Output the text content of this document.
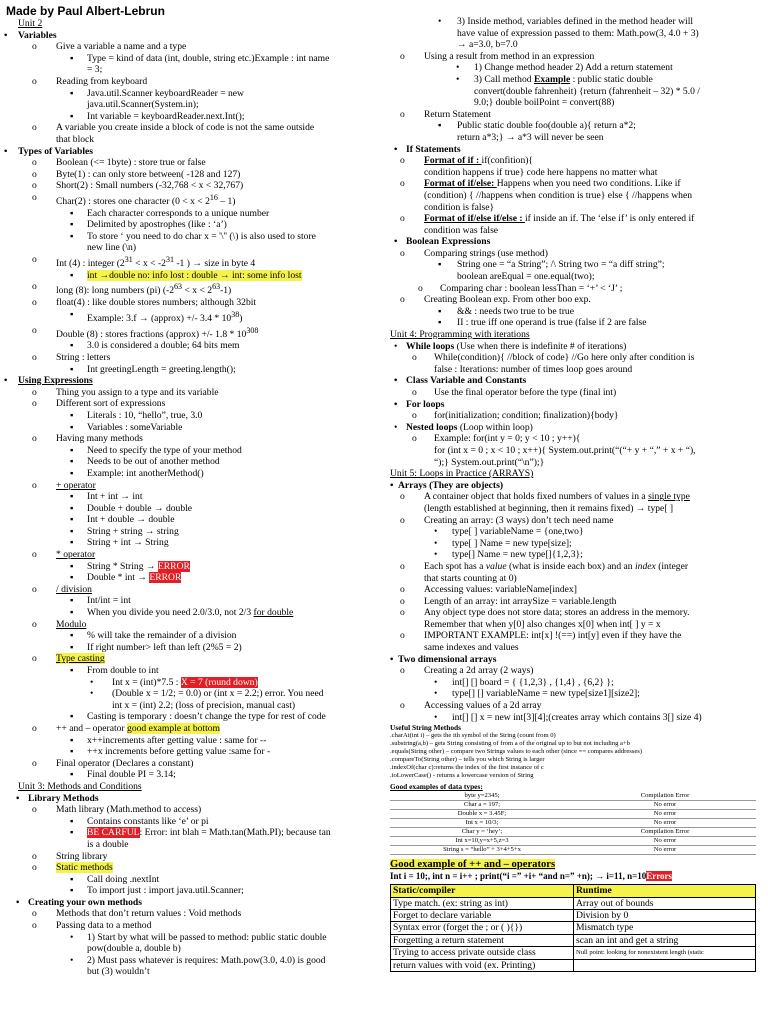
Made by Paul Albert-Lebrun
Unit 2
• Variables
o Give a variable a name and a type
▪ Type = kind of data (int, double, string etc.)Example : int name
= 3;
o Reading from keyboard
▪ Java.util.Scanner keyboardReader = new
java.util.Scanner(System.in);
▪ Int variable = keyboardReader.next.Int();
o A variable you create inside a block of code is not the same outside
that block
• Types of Variables
o Boolean (<= 1byte) : store true or false
o Byte(1) : can only store between( -128 and 127)
o Short(2) : Small numbers (-32,768 < x < 32,767)
o Char(2) : stores one character $(0 < x < 2^{16} - 1)$
▪ Each character corresponds to a unique number
▪ Delimited by apostrophes (like : ‘a’)
▪ To store ‘ you need to do char x = '\'' (\) is also used to store
new line (\n)
o Int (4) : integer ($2^{31} < x < -2^{31}$ -1 ) → size in byte 4
▪ int →double no: info lost : double → int: some info lost
o long (8): long numbers (pi) $(-2^{63} < x < 2^{63}-1)$
o float(4) : like double stores numbers; although 32bit
▪ Example: 3.f → (approx) +/- $3.4 * 10^{38}$)
o Double (8) : stores fractions (approx) +/- $1.8 * 10^{308}$
▪ 3.0 is considered a double; 64 bits mem
o String : letters
▪ Int greetingLength = greeting.length();
• Using Expressions
o Thing you assign to a type and its variable
o Different sort of expressions
▪ Literals : 10, “hello”, true, 3.0
▪ Variables : someVariable
o Having many methods
▪ Need to specify the type of your method
▪ Needs to be out of another method
▪ Example: int anotherMethod()
o + operator
▪ Int + int → int
▪ Double + double → double
▪ Int + double → double
▪ String + string → string
▪ String + int → String
o * operator
▪ String * String → ERROR
▪ Double * int → ERROR
o / division
▪ Int/int = int
▪ When you divide you need 2.0/3.0, not 2/3 for double
o Modulo
▪ % will take the remainder of a division
▪ If right number> left than left (2%5 = 2)
o Type casting
▪ From double to int
• Int x = (int)*7.5 : X = 7 (round down)
• (Double x = 1/2; = 0.0) or (int x = 2.2;) error. You need
int x = (int) 2.2; (loss of precision, manual cast)
▪ Casting is temporary : doesn’t change the type for rest of code
o ++ and – operator good example at bottom
▪ x++increments after getting value : same for --
▪ ++x increments before getting value :same for -
o Final operator (Declares a constant)
▪ Final double PI = 3.14;
Unit 3: Methods and Conditions
• Library Methods
o Math library (Math.method to access)
▪ Contains constants like ‘e’ or pi
▪ BE CARFUL: Error: int blah = Math.tan(Math.PI); because tan
is a double
o String library
o Static methods
▪ Call doing .nextInt
▪ To import just : import java.util.Scanner;
• Creating your own methods
o Methods that don’t return values : Void methods
o Passing data to a method
• 1) Start by what will be passed to method: public static double
pow(double a, double b)
• 2) Must pass whatever is requires: Math.pow(3.0, 4.0) is good
but (3) wouldn’t
• 3) Inside method, variables defined in the method header will
have value of expression passed to them: Math.pow(3, 4.0 + 3)
→ a=3.0, b=7.0
o Using a result from method in an expression
• 1) Change method header 2) Add a return statement
• 3) Call method Example : public static double
convert(double fahrenheit) {return (fahrenheit – 32) * 5.0 /
9.0;} double boilPoint = convert(88)
o Return Statement
▪ Public static double foo(double a){ return a*2;
return a*3;} → a*3 will never be seen
• If Statements
o Format of if : if(confition){
condition happens if true} code here happens no matter what
o Format of if/else: Happens when you need two conditions. Like if
(condition) { //happens when condition is true} else { //happens when
condition is false}
o Format of if/else if/else : if inside an if. The ‘else if’ is only entered if
condition was false
• Boolean Expressions
o Comparing strings (use method)
▪ String one = “a String”; /\ String two = “a diff string”;
boolean areEqual = one.equal(two);
o Comparing char : boolean lessThan = ‘+’ < ‘J’ ;
o Creating Boolean exp. From other boo exp.
▪ && : needs two true to be true
▪ II : true iff one operand is true (false if 2 are false
Unit 4: Programming with iterations
• While loops (Use when there is indefinite # of iterations)
o While(condition){ //block of code} //Go here only after condition is
false : Iterations: number of times loop goes around
• Class Variable and Constants
o Use the final operator before the type (final int)
• For loops
o for(initialization; condition; finalization){body}
• Nested loops (Loop within loop)
o Example: for(int y = 0; y < 10 ; y++){
for (int x = 0 ; x < 10 ; x++){ System.out.print(“(“+ y + “,” + x + “),
“);} System.out.print(“\n”);}
Unit 5: Loops in Practice (ARRAYS)
• Arrays (They are objects)
o A container object that holds fixed numbers of values in a single type
(length established at beginning, then it remains fixed) → type[ ]
o Creating an array: (3 ways) don’t tech need name
• type[ ] variableName = {one,two}
• type[ ] Name = new type[size];
• type[] Name = new type[]{1,2,3};
o Each spot has a value (what is inside each box) and an index (integer
that starts counting at 0)
o Accessing values: variableName[index]
o Length of an array: int arraySize = variable.length
o Any object type does not store data; stores an address in the memory.
Remember that when y[0] also changes x[0] when int[ ] y = x
o IMPORTANT EXAMPLE: int[x] !(==) int[y] even if they have the
same indexes and values
• Two dimensional arrays
o Creating a 2d array (2 ways)
• int[] [] board = { {1,2,3} , {1,4} , {6,2} };
• type[] [] variableName = new type[size1][size2];
o Accessing values of a 2d array
• int[] [] x = new int[3][4];(creates array which contains 3[] size 4)
Useful String Methods
.charAt(int i) – gets the ith symbol of the String (count from 0)
.substring(a,b) – gets String consisting of from a of the original up to but not including a+b
.equals(String other) – compare two Strings values to each other (since == compares addresses)
.compareTo(String other) – tells you which String is larger
.indexOf(char c):returns the index of the first instance of c
.toLowerCase() - returns a lowercase version of String
Good examples of data types:
byte y=2345;	Compilation Error
Char a = 197;	No error
Double x = 3.45F;	No error
Int x = 10/3;	No error
Char y = ‘hey’;	Compilation Error
Int x=10,y=x+5,z=3	No error
String s = “hello” + 3+4+5+x	No error
Good example of ++ and – operators
Int i = 10;, int n = i++ ; print(“i =” +i+ “and n=” +n); → i=11, n=10Errors
Static/compiler	Runtime
Type match. (ex: string as int)	Array out of bounds
Forget to declare variable	Division by 0
Syntax error (forget the ; or ( ){})	Mismatch type
Forgetting a return statement	scan an int and get a string
Trying to access private outside class	Null point: looking for nonexistent length (static
return values with void (ex. Printing)	
